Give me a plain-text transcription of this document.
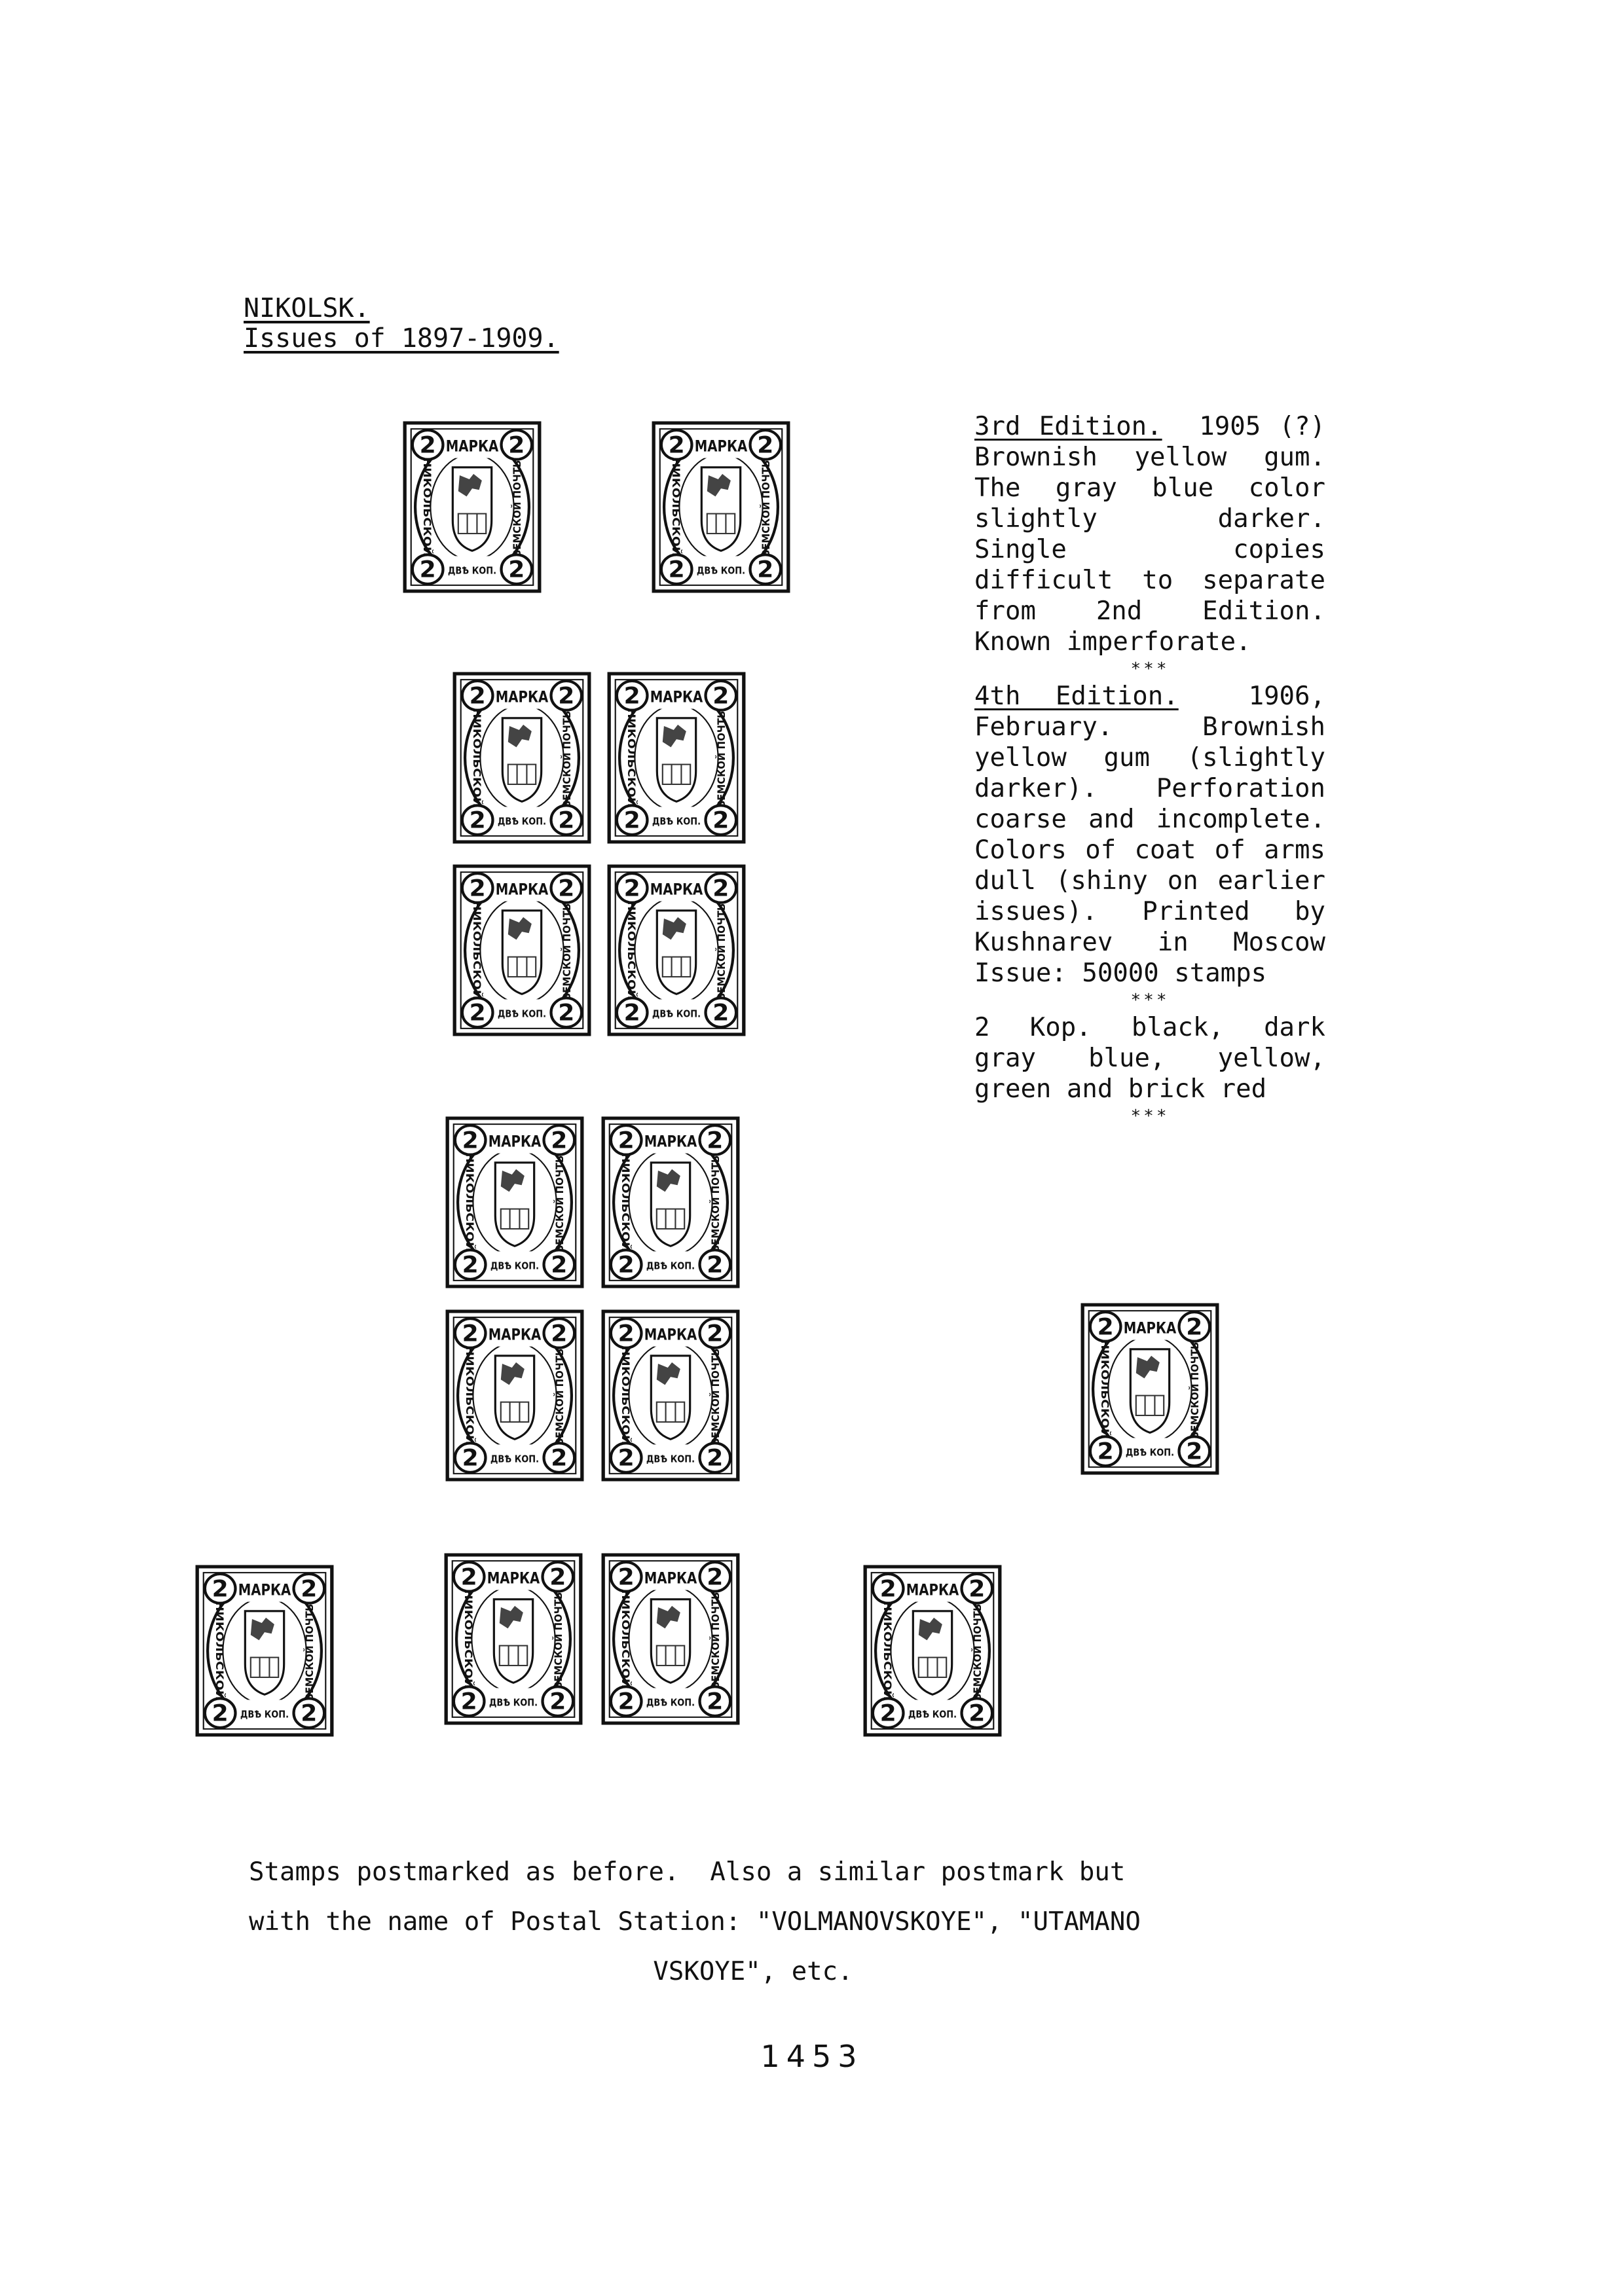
NIKOLSK.
Issues of 1897-1909.
2	2
2	2
МАРКА
ДВѢ КОП.
НИКОЛЬСКОЙ	ЗЕМСКОЙ ПОЧТЫ
2	2
2	2
МАРКА
ДВѢ КОП.
НИКОЛЬСКОЙ	ЗЕМСКОЙ ПОЧТЫ
2	2
2	2
МАРКА
ДВѢ КОП.
НИКОЛЬСКОЙ	ЗЕМСКОЙ ПОЧТЫ
2	2
2	2
МАРКА
ДВѢ КОП.
НИКОЛЬСКОЙ	ЗЕМСКОЙ ПОЧТЫ
2	2
2	2
МАРКА
ДВѢ КОП.
НИКОЛЬСКОЙ	ЗЕМСКОЙ ПОЧТЫ
2	2
2	2
МАРКА
ДВѢ КОП.
НИКОЛЬСКОЙ	ЗЕМСКОЙ ПОЧТЫ
2	2
2	2
МАРКА
ДВѢ КОП.
НИКОЛЬСКОЙ	ЗЕМСКОЙ ПОЧТЫ
2	2
2	2
МАРКА
ДВѢ КОП.
НИКОЛЬСКОЙ	ЗЕМСКОЙ ПОЧТЫ
2	2
2	2
МАРКА
ДВѢ КОП.
НИКОЛЬСКОЙ	ЗЕМСКОЙ ПОЧТЫ
2	2
2	2
МАРКА
ДВѢ КОП.
НИКОЛЬСКОЙ	ЗЕМСКОЙ ПОЧТЫ
2	2
2	2
МАРКА
ДВѢ КОП.
НИКОЛЬСКОЙ	ЗЕМСКОЙ ПОЧТЫ
2	2
2	2
МАРКА
ДВѢ КОП.
НИКОЛЬСКОЙ	ЗЕМСКОЙ ПОЧТЫ
2	2
2	2
МАРКА
ДВѢ КОП.
НИКОЛЬСКОЙ	ЗЕМСКОЙ ПОЧТЫ
2	2
2	2
МАРКА
ДВѢ КОП.
НИКОЛЬСКОЙ	ЗЕМСКОЙ ПОЧТЫ	2	2
2	2
МАРКА
ДВѢ КОП.
НИКОЛЬСКОЙ	ЗЕМСКОЙ ПОЧТЫ

3rd Edition. 1905 (?) Brownish yellow gum. The gray blue color slightly darker. Single copies difficult to separate from 2nd Edition. Known imperforate.

***

4th Edition.	1906, February. Brownish yellow gum (slightly darker). Perforation coarse and incomplete. Colors of coat of arms dull (shiny on earlier issues). Printed by Kushnarev in Moscow Issue: 50000 stamps

***

2 Kop. black, dark gray blue, yellow, green and brick red

***

Stamps postmarked as before.  Also a similar postmark but

with the name of Postal Station: "VOLMANOVSKOYE", "UTAMANO

VSKOYE", etc.

1453
